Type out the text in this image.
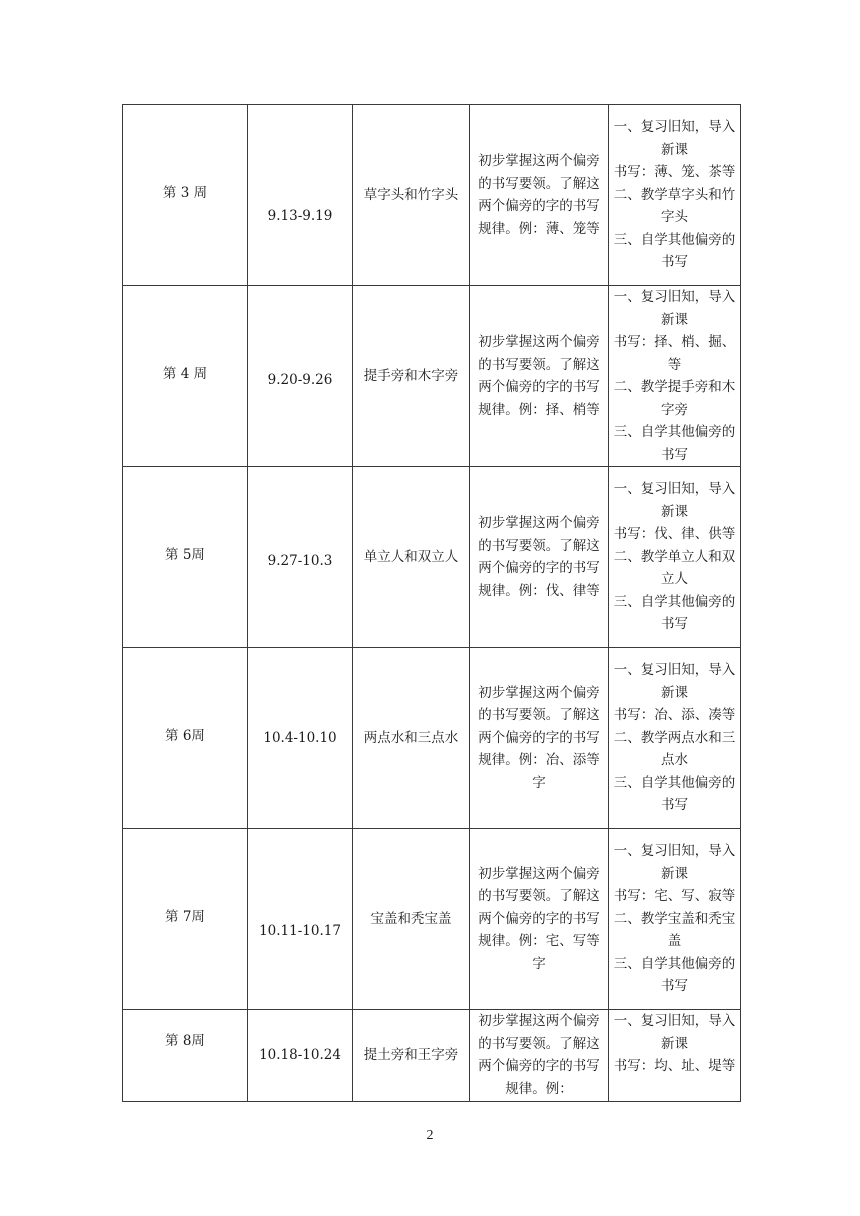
第 3 周	9.13-9.19	草字头和竹字头	初步掌握这两个偏旁的书写要领。了解这两个偏旁的字的书写规律。例：薄、笼等	一、复习旧知，导入新课
书写：薄、笼、茶等
二、教学草字头和竹字头
三、自学其他偏旁的书写

第 4 周	9.20-9.26	提手旁和木字旁	初步掌握这两个偏旁的书写要领。了解这两个偏旁的字的书写规律。例：择、梢等	一、复习旧知，导入新课
书写：择、梢、掘、等
二、教学提手旁和木字旁
三、自学其他偏旁的书写

第 5周	9.27-10.3	单立人和双立人	初步掌握这两个偏旁的书写要领。了解这两个偏旁的字的书写规律。例：伐、律等	一、复习旧知，导入新课
书写：伐、律、供等
二、教学单立人和双立人
三、自学其他偏旁的书写

第 6周	10.4-10.10	两点水和三点水	初步掌握这两个偏旁的书写要领。了解这两个偏旁的字的书写规律。例：冶、添等字	一、复习旧知，导入新课
书写：冶、添、凑等
二、教学两点水和三点水
三、自学其他偏旁的书写

第 7周	10.11-10.17	宝盖和秃宝盖	初步掌握这两个偏旁的书写要领。了解这两个偏旁的字的书写规律。例：宅、写等字	一、复习旧知，导入新课
书写：宅、写、寂等
二、教学宝盖和秃宝盖
三、自学其他偏旁的书写

第 8周	10.18-10.24	提土旁和王字旁	初步掌握这两个偏旁的书写要领。了解这两个偏旁的字的书写规律。例：	一、复习旧知，导入新课
书写：均、址、堤等
2
